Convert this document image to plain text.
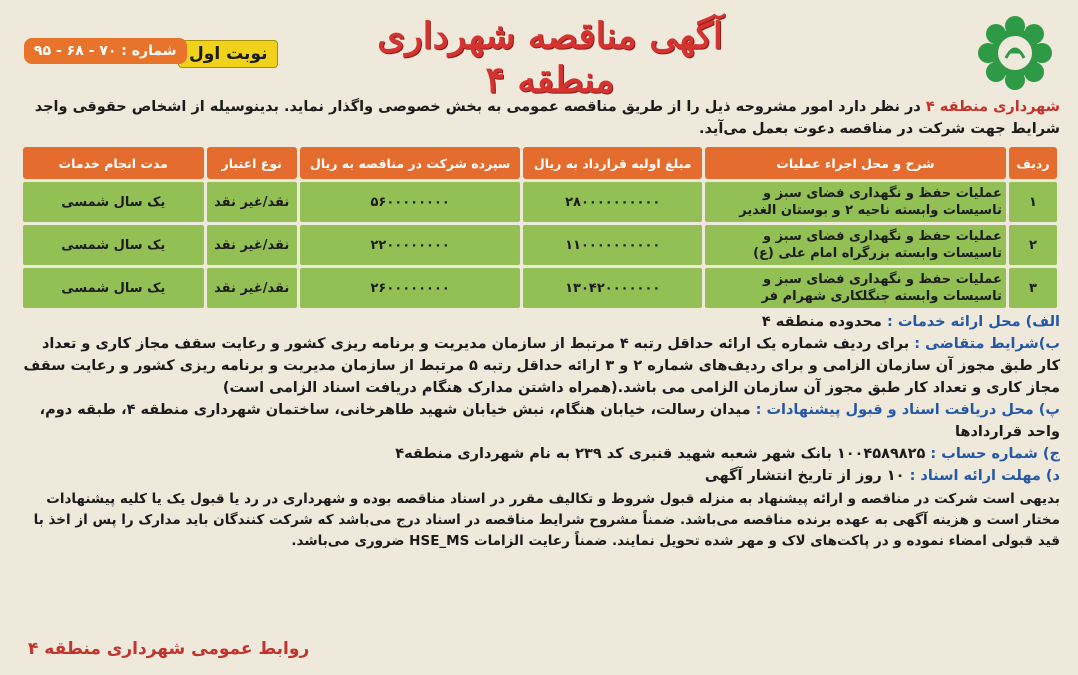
آگهی مناقصه شهرداری منطقه ۴
نوبت اول
شماره : ۷۰ - ۶۸ - ۹۵
شهرداری منطقه ۴ در نظر دارد امور مشروحه ذیل را از طریق مناقصه عمومی به بخش خصوصی واگذار نماید. بدینوسیله از اشخاص حقوقی واجد شرایط جهت شرکت در مناقصه دعوت بعمل می‌آید.
ردیف	شرح و محل اجراء عملیات	مبلغ اولیه قرارداد به ریال	سپرده شرکت در مناقصه به ریال	نوع اعتبار	مدت انجام خدمات
۱	عملیات حفظ و نگهداری فضای سبز و تاسیسات وابسته ناحیه ۲ و بوستان الغدیر	۲۸۰۰۰۰۰۰۰۰۰۰	۵۶۰۰۰۰۰۰۰۰	نقد/غیر نقد	یک سال شمسی
۲	عملیات حفظ و نگهداری فضای سبز و تاسیسات وابسته بزرگراه امام علی (ع)	۱۱۰۰۰۰۰۰۰۰۰۰	۲۲۰۰۰۰۰۰۰۰	نقد/غیر نقد	یک سال شمسی
۳	عملیات حفظ و نگهداری فضای سبز و تاسیسات وابسته جنگلکاری شهرام فر	۱۳۰۴۲۰۰۰۰۰۰۰	۲۶۰۰۰۰۰۰۰۰	نقد/غیر نقد	یک سال شمسی
الف) محل ارائه خدمات : محدوده منطقه ۴
ب)شرایط متقاضی : برای ردیف شماره یک ارائه حداقل رتبه ۴ مرتبط از سازمان مدیریت و برنامه ریزی کشور و رعایت سقف مجاز کاری و تعداد کار طبق مجوز آن سازمان الزامی و برای ردیف‌های شماره ۲ و ۳ ارائه حداقل رتبه ۵ مرتبط از سازمان مدیریت و برنامه ریزی کشور و رعایت سقف مجاز کاری و تعداد کار طبق مجوز آن سازمان الزامی می باشد.(همراه داشتن مدارک هنگام دریافت اسناد الزامی است)
پ) محل دریافت اسناد و قبول پیشنهادات : میدان رسالت، خیابان هنگام، نبش خیابان شهید طاهرخانی، ساختمان شهرداری منطقه ۴، طبقه دوم، واحد قراردادها
ج) شماره حساب : ۱۰۰۴۵۸۹۸۲۵ بانک شهر شعبه شهید قنبری کد ۲۳۹ به نام شهرداری منطقه۴
د) مهلت ارائه اسناد : ۱۰ روز از تاریخ انتشار آگهی
بدیهی است شرکت در مناقصه و ارائه پیشنهاد به منزله قبول شروط و تکالیف مقرر در اسناد مناقصه بوده و شهرداری در رد یا قبول یک یا کلیه پیشنهادات مختار است و هزینه آگهی به عهده برنده مناقصه می‌باشد. ضمناً مشروح شرایط مناقصه در اسناد درج می‌باشد که شرکت کنندگان باید مدارک را پس از اخذ با قید قبولی امضاء نموده و در پاکت‌های لاک و مهر شده تحویل نمایند. ضمناً رعایت الزامات HSE_MS ضروری می‌باشد.
روابط عمومی شهرداری منطقه ۴
